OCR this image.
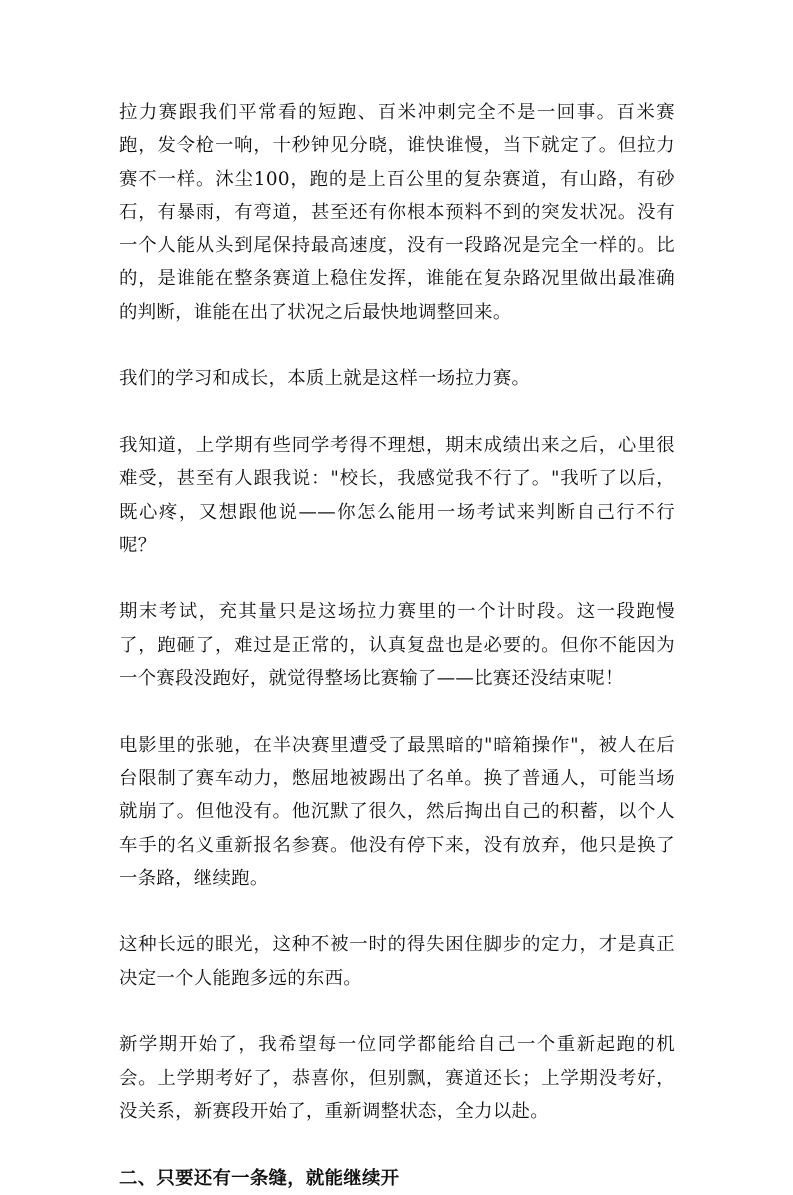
拉力赛跟我们平常看的短跑、百米冲刺完全不是一回事。百米赛跑，发令枪一响，十秒钟见分晓，谁快谁慢，当下就定了。但拉力赛不一样。沐尘100，跑的是上百公里的复杂赛道，有山路，有砂石，有暴雨，有弯道，甚至还有你根本预料不到的突发状况。没有一个人能从头到尾保持最高速度，没有一段路况是完全一样的。比的，是谁能在整条赛道上稳住发挥，谁能在复杂路况里做出最准确的判断，谁能在出了状况之后最快地调整回来。

我们的学习和成长，本质上就是这样一场拉力赛。

我知道，上学期有些同学考得不理想，期末成绩出来之后，心里很难受，甚至有人跟我说："校长，我感觉我不行了。"我听了以后，既心疼，又想跟他说——你怎么能用一场考试来判断自己行不行呢？

期末考试，充其量只是这场拉力赛里的一个计时段。这一段跑慢了，跑砸了，难过是正常的，认真复盘也是必要的。但你不能因为一个赛段没跑好，就觉得整场比赛输了——比赛还没结束呢！

电影里的张驰，在半决赛里遭受了最黑暗的"暗箱操作"，被人在后台限制了赛车动力，憋屈地被踢出了名单。换了普通人，可能当场就崩了。但他没有。他沉默了很久，然后掏出自己的积蓄，以个人车手的名义重新报名参赛。他没有停下来，没有放弃，他只是换了一条路，继续跑。

这种长远的眼光，这种不被一时的得失困住脚步的定力，才是真正决定一个人能跑多远的东西。

新学期开始了，我希望每一位同学都能给自己一个重新起跑的机会。上学期考好了，恭喜你，但别飘，赛道还长；上学期没考好，没关系，新赛段开始了，重新调整状态，全力以赴。

二、只要还有一条缝，就能继续开
